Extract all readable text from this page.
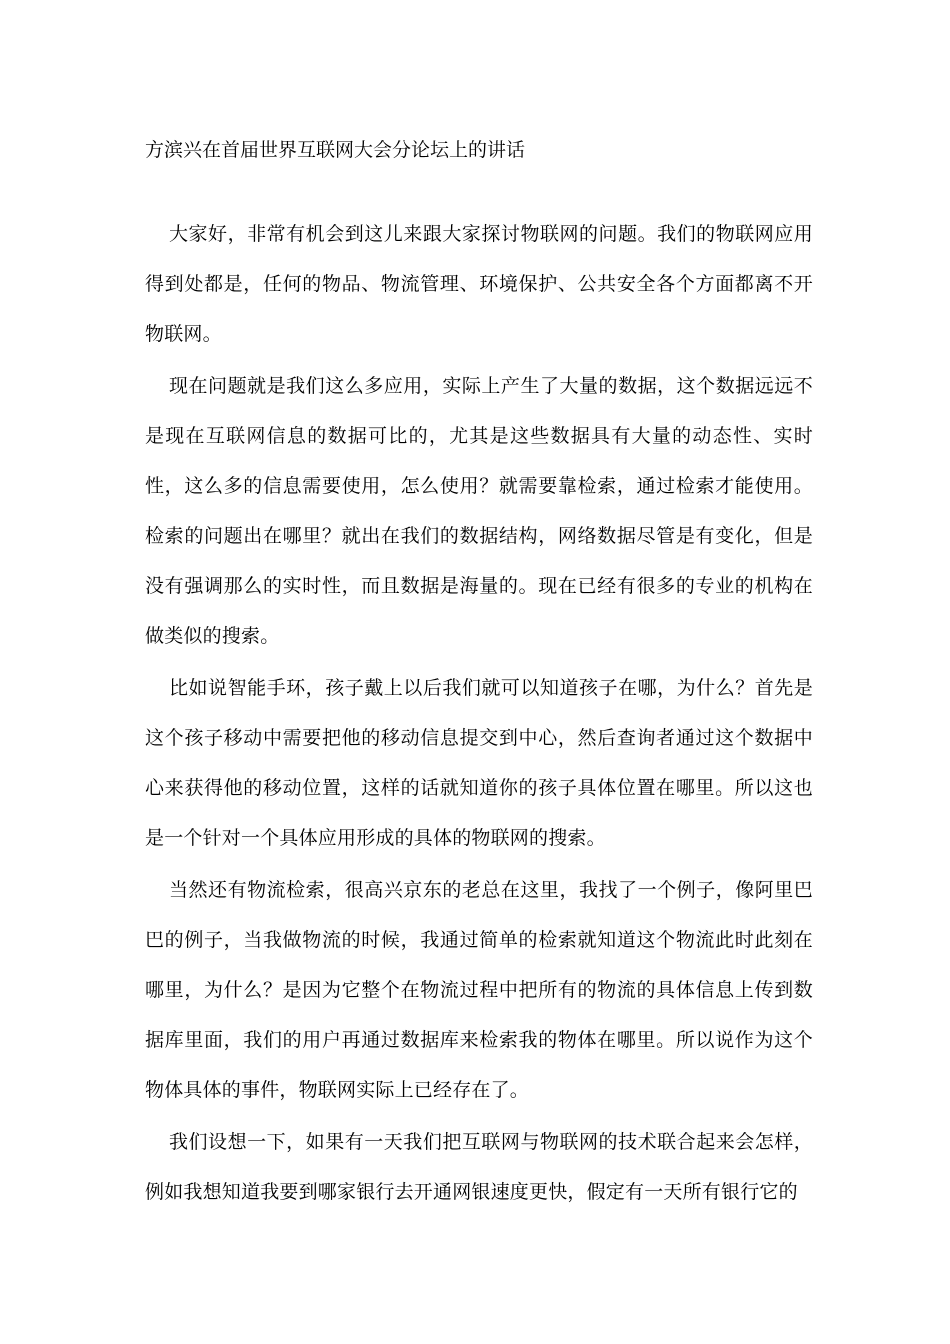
方滨兴在首届世界互联网大会分论坛上的讲话

大家好，非常有机会到这儿来跟大家探讨物联网的问题。我们的物联网应用得到处都是，任何的物品、物流管理、环境保护、公共安全各个方面都离不开物联网。

现在问题就是我们这么多应用，实际上产生了大量的数据，这个数据远远不是现在互联网信息的数据可比的，尤其是这些数据具有大量的动态性、实时性，这么多的信息需要使用，怎么使用？就需要靠检索，通过检索才能使用。检索的问题出在哪里？就出在我们的数据结构，网络数据尽管是有变化，但是没有强调那么的实时性，而且数据是海量的。现在已经有很多的专业的机构在做类似的搜索。

比如说智能手环，孩子戴上以后我们就可以知道孩子在哪，为什么？首先是这个孩子移动中需要把他的移动信息提交到中心，然后查询者通过这个数据中心来获得他的移动位置，这样的话就知道你的孩子具体位置在哪里。所以这也是一个针对一个具体应用形成的具体的物联网的搜索。

当然还有物流检索，很高兴京东的老总在这里，我找了一个例子，像阿里巴巴的例子，当我做物流的时候，我通过简单的检索就知道这个物流此时此刻在哪里，为什么？是因为它整个在物流过程中把所有的物流的具体信息上传到数据库里面，我们的用户再通过数据库来检索我的物体在哪里。所以说作为这个物体具体的事件，物联网实际上已经存在了。

我们设想一下，如果有一天我们把互联网与物联网的技术联合起来会怎样，例如我想知道我要到哪家银行去开通网银速度更快，假定有一天所有银行它的
